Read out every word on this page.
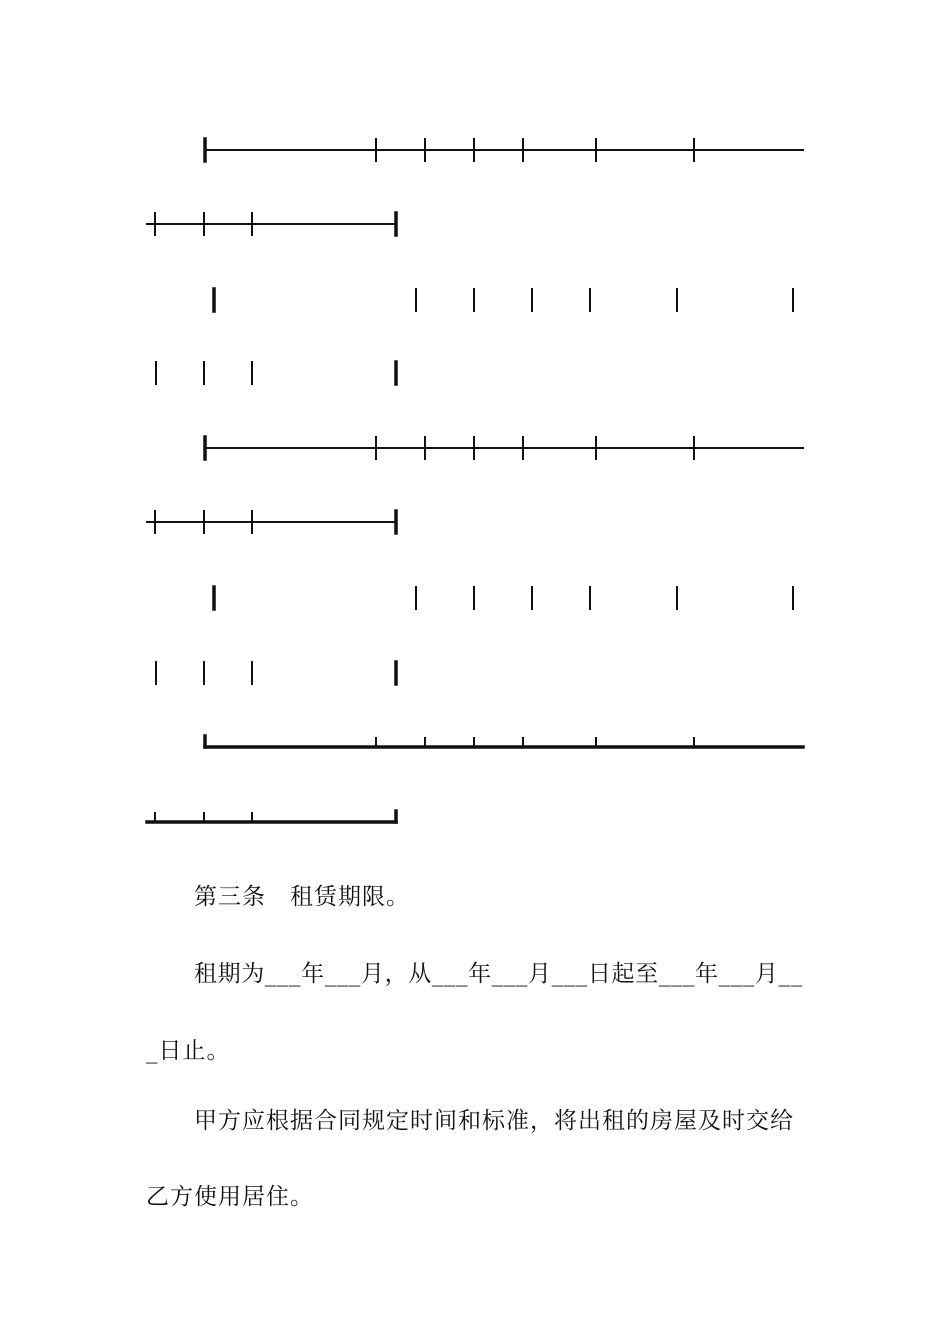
第三条　租赁期限。

租期为___年___月，从___年___月___日起至___年___月__

_日止。

甲方应根据合同规定时间和标准，将出租的房屋及时交给

乙方使用居住。
